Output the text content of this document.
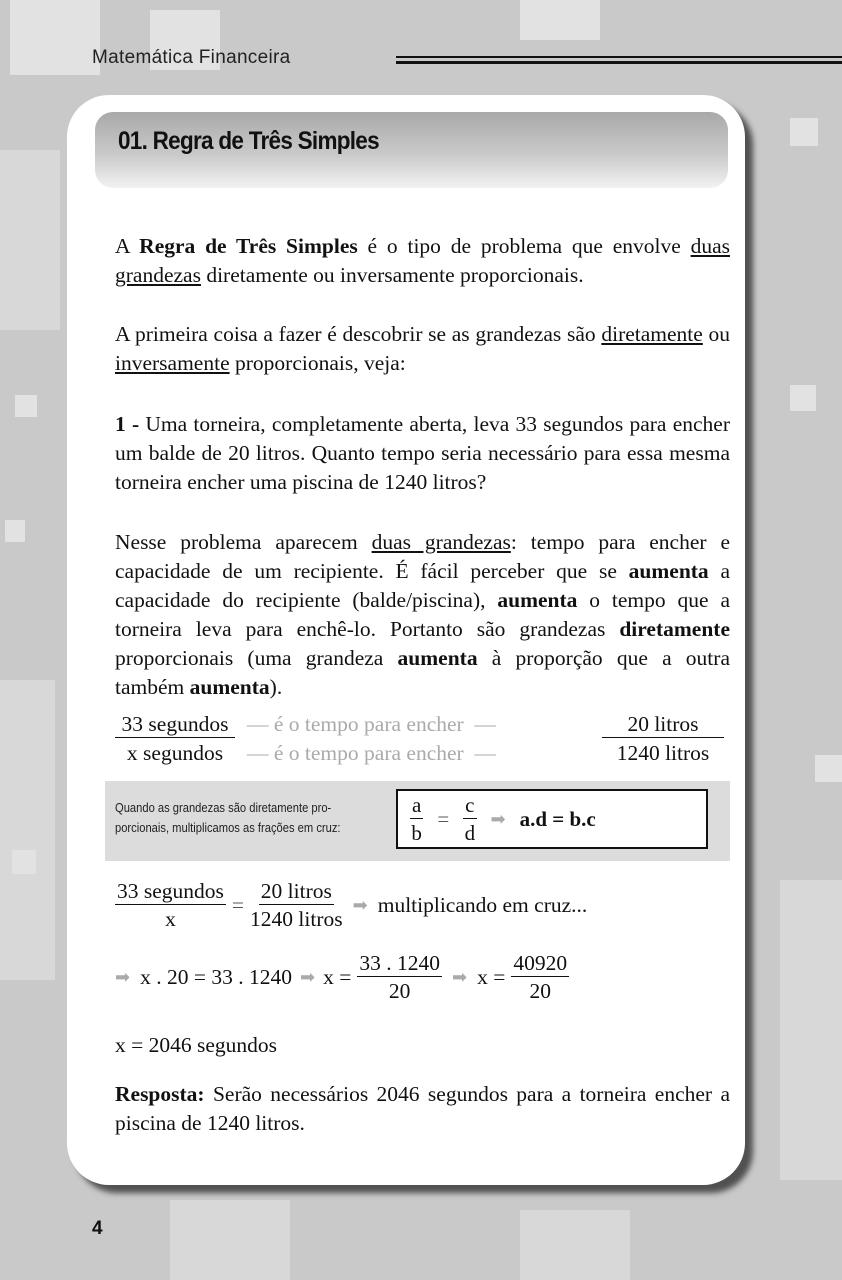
Matemática Financeira
01. Regra de Três Simples
A Regra de Três Simples é o tipo de problema que envolve duas grandezas diretamente ou inversamente proporcionais.
A primeira coisa a fazer é descobrir se as grandezas são diretamente ou inversamente proporcionais, veja:
1 - Uma torneira, completamente aberta, leva 33 segundos para encher um balde de 20 litros. Quanto tempo seria necessário para essa mesma torneira encher uma piscina de 1240 litros?
Nesse problema aparecem duas grandezas: tempo para encher e capacidade de um recipiente. É fácil perceber que se aumenta a capacidade do recipiente (balde/piscina), aumenta o tempo que a torneira leva para enchê-lo. Portanto são grandezas diretamente proporcionais (uma grandeza aumenta à proporção que a outra também aumenta).
33 segundos — é o tempo para encher —	20 litros
x segundos	— é o tempo para encher —	1240 litros
Quando as grandezas são diretamente pro-
porcionais, multiplicamos as frações em cruz:	$\frac{a}{b} = \frac{c}{d}$ ➡ a.d = b.c
$\frac{\text{33 segundos}}{x} = \frac{\text{20 litros}}{\text{1240 litros}}$ ➡ multiplicando em cruz...
➡ x . 20 = 33 . 1240 ➡ $x = \frac{33 . 1240}{20}$ ➡ $x = \frac{40920}{20}$
x = 2046 segundos
Resposta: Serão necessários 2046 segundos para a torneira encher a piscina de 1240 litros.
4
